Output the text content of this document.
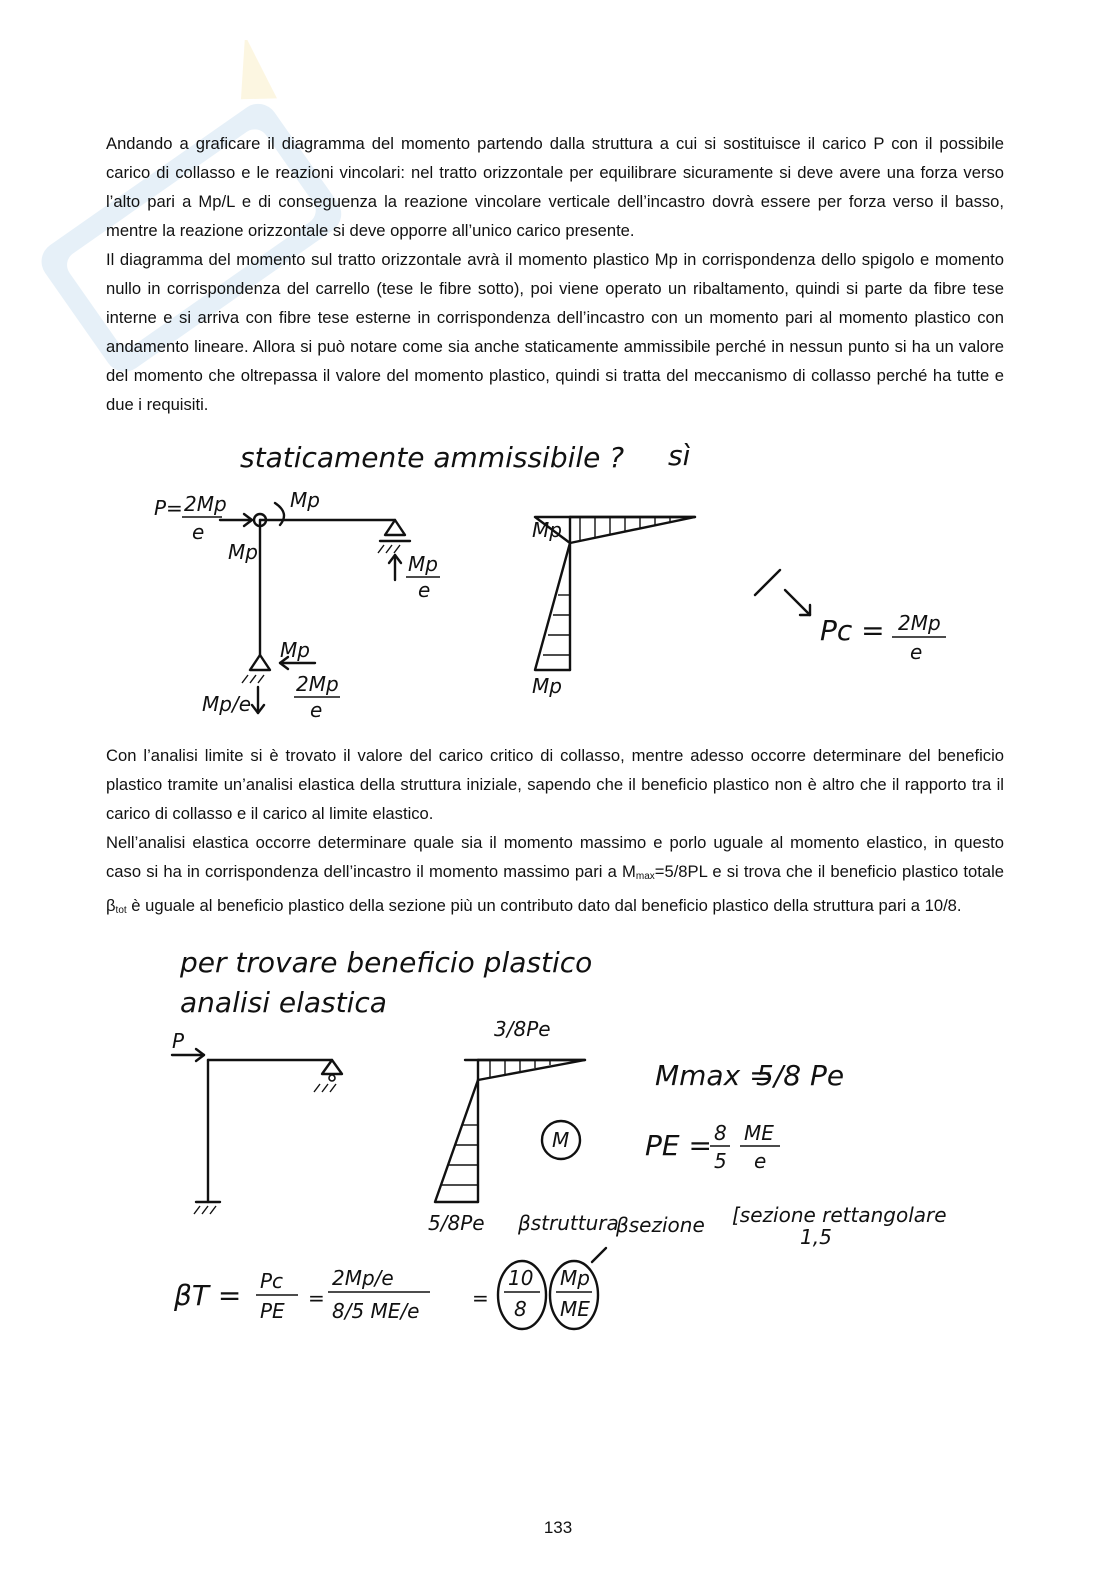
Andando a graficare il diagramma del momento partendo dalla struttura a cui si sostituisce il carico P con il possibile carico di collasso e le reazioni vincolari: nel tratto orizzontale per equilibrare sicuramente si deve avere una forza verso l’alto pari a Mp/L e di conseguenza la reazione vincolare verticale dell’incastro dovrà essere per forza verso il basso, mentre la reazione orizzontale si deve opporre all’unico carico presente.

Il diagramma del momento sul tratto orizzontale avrà il momento plastico Mp in corrispondenza dello spigolo e momento nullo in corrispondenza del carrello (tese le fibre sotto), poi viene operato un ribaltamento, quindi si parte da fibre tese interne e si arriva con fibre tese esterne in corrispondenza dell’incastro con un momento pari al momento plastico con andamento lineare. Allora si può notare come sia anche staticamente ammissibile perché in nessun punto si ha un valore del momento che oltrepassa il valore del momento plastico, quindi si tratta del meccanismo di collasso perché ha tutte e due i requisiti.

staticamente ammissibile ? sì
P= 2Mp
e
Mp
Mp	Mp
e
Mp
2Mp
e
Mp/e
Mp
Mp
Pc = 2Mp
e

Con l’analisi limite si è trovato il valore del carico critico di collasso, mentre adesso occorre determinare del beneficio plastico tramite un’analisi elastica della struttura iniziale, sapendo che il beneficio plastico non è altro che il rapporto tra il carico di collasso e il carico al limite elastico.

Nell’analisi elastica occorre determinare quale sia il momento massimo e porlo uguale al momento elastico, in questo caso si ha in corrispondenza dell’incastro il momento massimo pari a $M_{max}=5/8PL$ e si trova che il beneficio plastico totale $\beta_{tot}$ è uguale al beneficio plastico della sezione più un contributo dato dal beneficio plastico della struttura pari a 10/8.

per trovare beneficio plastico
analisi elastica
P	3/8Pe
5/8Pe
M
Mmax =
5/8 Pe
PE = 8
5
ME
e
βstruttura
βsezione [sezione rettangolare
1,5
βT = Pc
PE
=
2Mp/e
8/5 ME/e
=
10
8
Mp
ME
133
